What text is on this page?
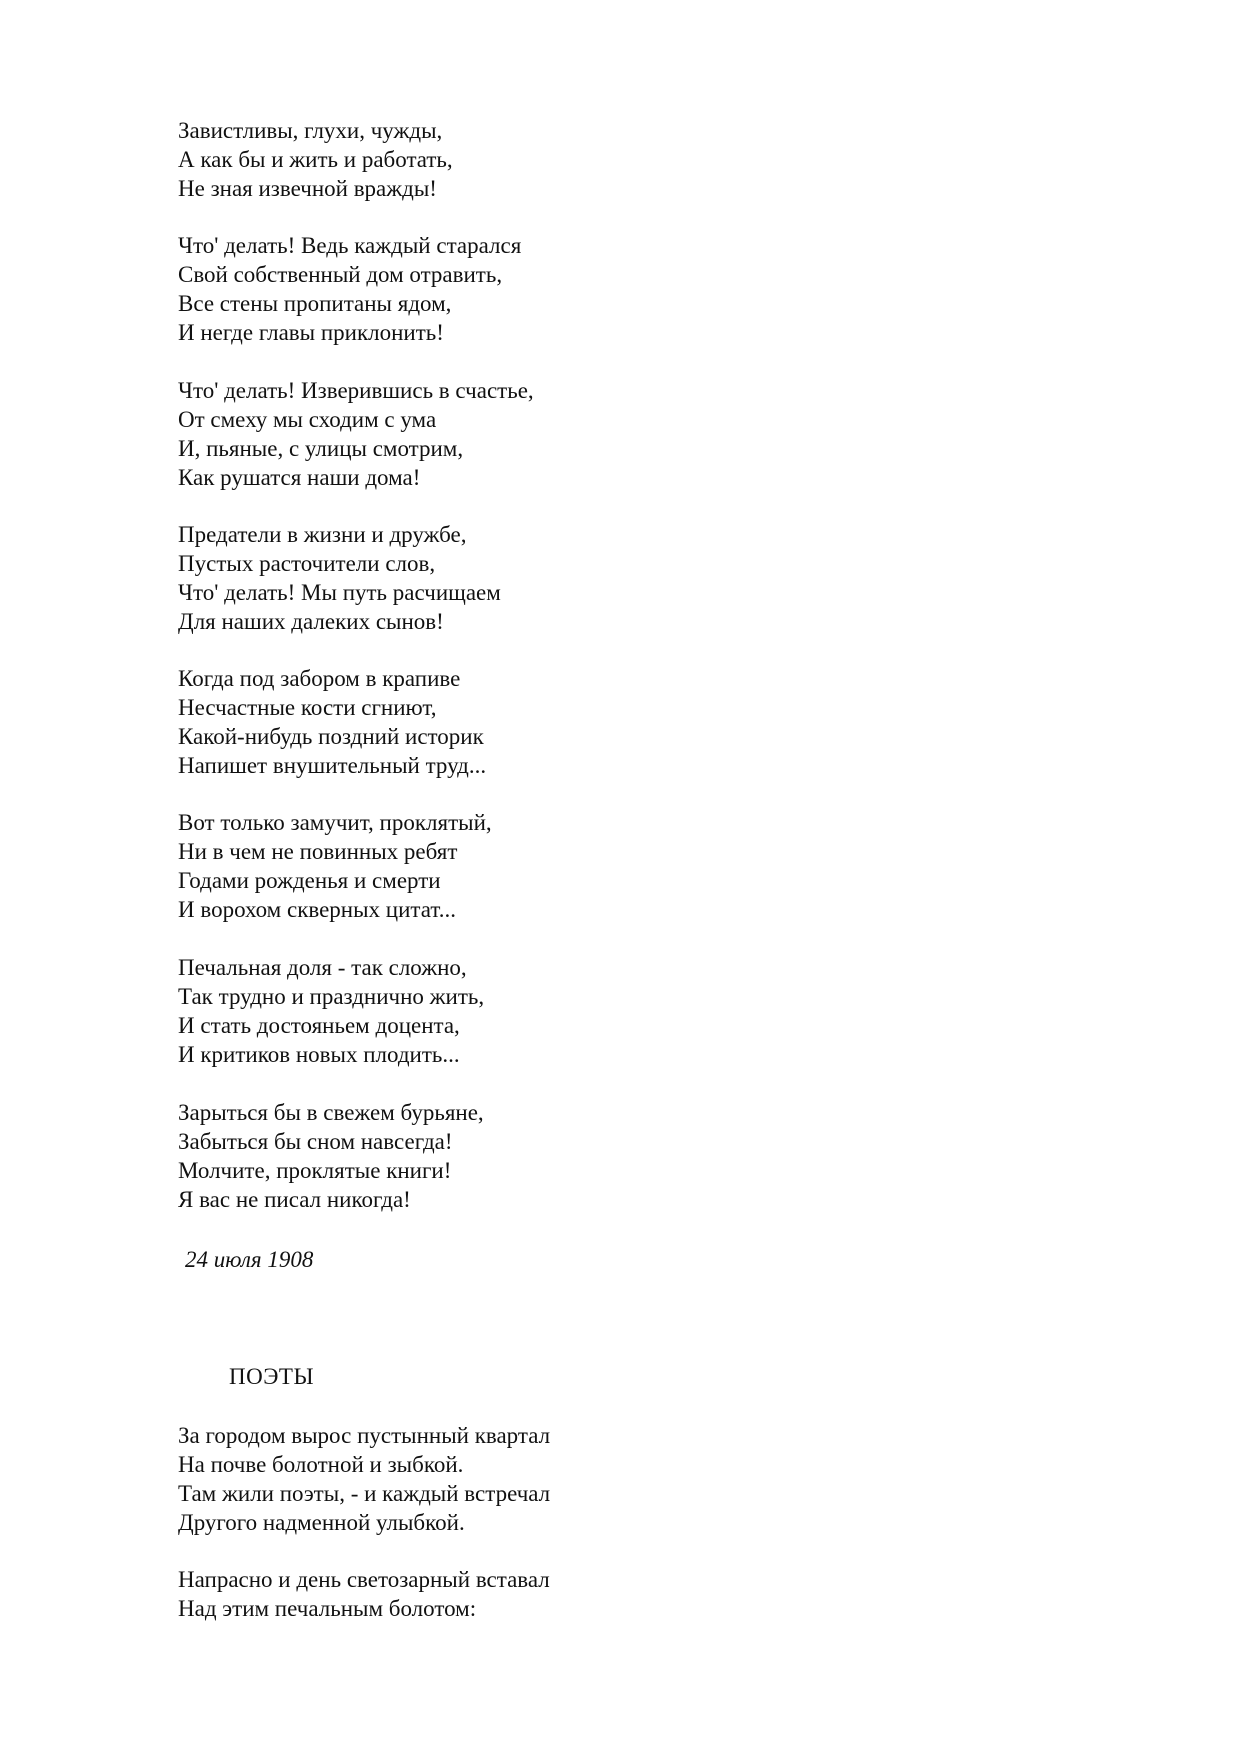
Завистливы, глухи, чужды,
А как бы и жить и работать,
Не зная извечной вражды!
Что' делать! Ведь каждый старался
Свой собственный дом отравить,
Все стены пропитаны ядом,
И негде главы приклонить!
Что' делать! Изверившись в счастье,
От смеху мы сходим с ума
И, пьяные, с улицы смотрим,
Как рушатся наши дома!
Предатели в жизни и дружбе,
Пустых расточители слов,
Что' делать! Мы путь расчищаем
Для наших далеких сынов!
Когда под забором в крапиве
Несчастные кости сгниют,
Какой-нибудь поздний историк
Напишет внушительный труд...
Вот только замучит, проклятый,
Ни в чем не повинных ребят
Годами рожденья и смерти
И ворохом скверных цитат...
Печальная доля - так сложно,
Так трудно и празднично жить,
И стать достояньем доцента,
И критиков новых плодить...
Зарыться бы в свежем бурьяне,
Забыться бы сном навсегда!
Молчите, проклятые книги!
Я вас не писал никогда!
24 июля 1908
ПОЭТЫ
За городом вырос пустынный квартал
На почве болотной и зыбкой.
Там жили поэты, - и каждый встречал
Другого надменной улыбкой.
Напрасно и день светозарный вставал
Над этим печальным болотом:
